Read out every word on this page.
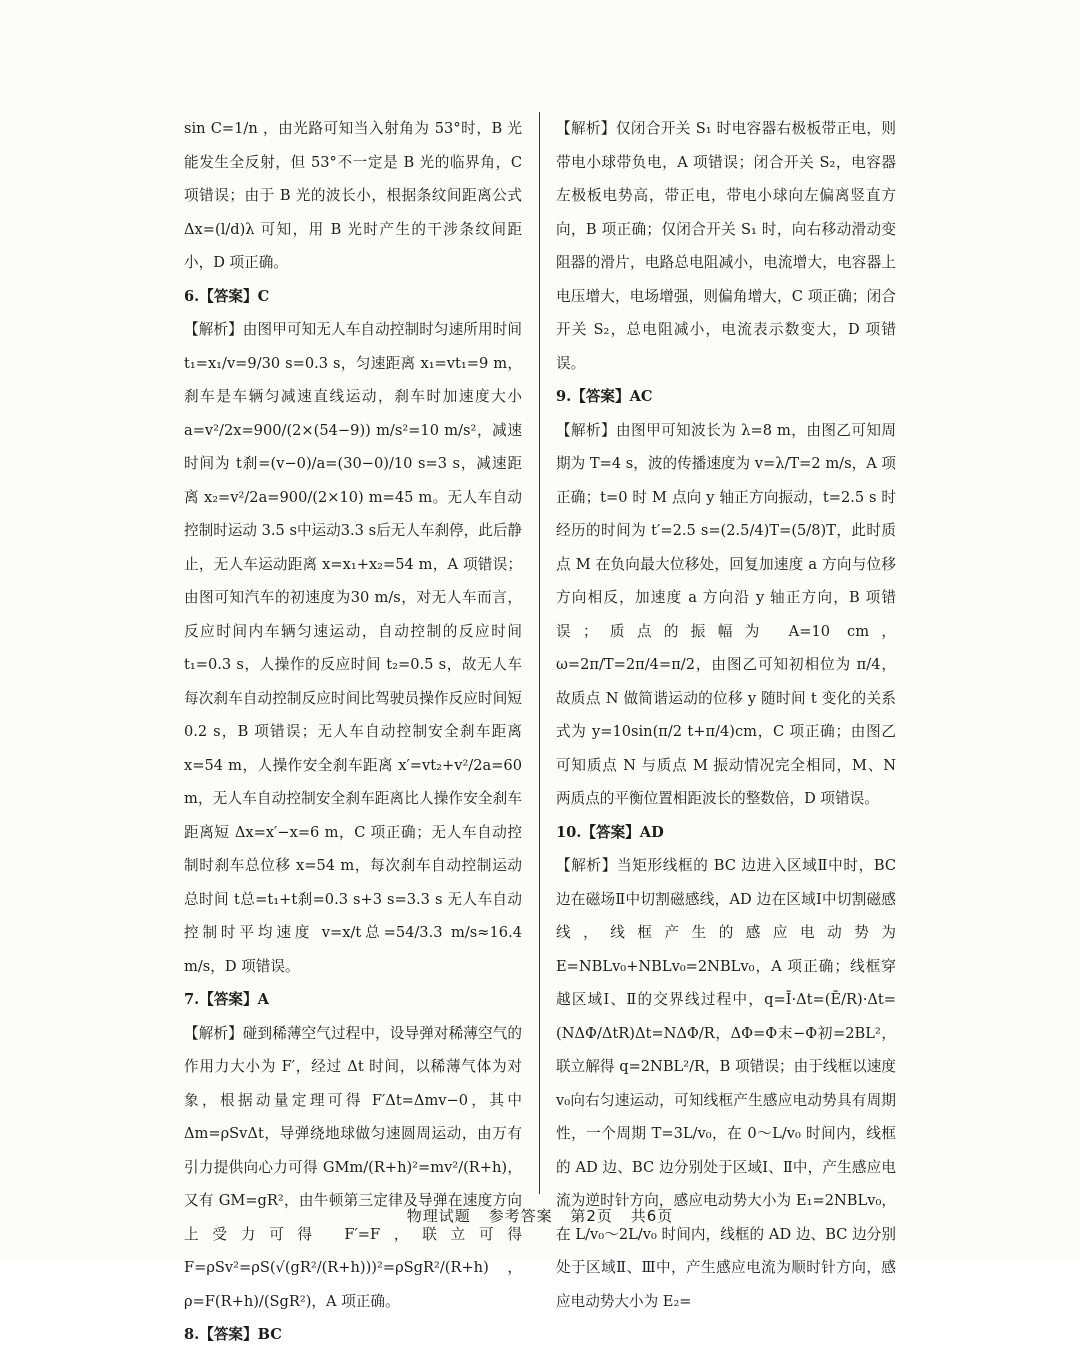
sin C=1/n ，由光路可知当入射角为 53°时，B 光能发生全反射，但 53°不一定是 B 光的临界角，C 项错误；由于 B 光的波长小，根据条纹间距离公式 Δx=(l/d)λ 可知，用 B 光时产生的干涉条纹间距小，D 项正确。

6.【答案】C

【解析】由图甲可知无人车自动控制时匀速所用时间 t₁=x₁/v=9/30 s=0.3 s，匀速距离 x₁=vt₁=9 m，刹车是车辆匀减速直线运动，刹车时加速度大小 a=v²/2x=900/(2×(54−9)) m/s²=10 m/s²，减速时间为 t刹=(v−0)/a=(30−0)/10 s=3 s，减速距离 x₂=v²/2a=900/(2×10) m=45 m。无人车自动控制时运动 3.5 s中运动3.3 s后无人车刹停，此后静止，无人车运动距离 x=x₁+x₂=54 m，A 项错误；由图可知汽车的初速度为30 m/s，对无人车而言，反应时间内车辆匀速运动，自动控制的反应时间 t₁=0.3 s，人操作的反应时间 t₂=0.5 s，故无人车每次刹车自动控制反应时间比驾驶员操作反应时间短 0.2 s，B 项错误；无人车自动控制安全刹车距离 x=54 m，人操作安全刹车距离 x′=vt₂+v²/2a=60 m，无人车自动控制安全刹车距离比人操作安全刹车距离短 Δx=x′−x=6 m，C 项正确；无人车自动控制时刹车总位移 x=54 m，每次刹车自动控制运动总时间 t总=t₁+t刹=0.3 s+3 s=3.3 s 无人车自动控制时平均速度 v=x/t总=54/3.3 m/s≈16.4 m/s，D 项错误。

7.【答案】A

【解析】碰到稀薄空气过程中，设导弹对稀薄空气的作用力大小为 F′，经过 Δt 时间，以稀薄气体为对象，根据动量定理可得 F′Δt=Δmv−0，其中 Δm=ρSvΔt，导弹绕地球做匀速圆周运动，由万有引力提供向心力可得 GMm/(R+h)²=mv²/(R+h)，又有 GM=gR²，由牛顿第三定律及导弹在速度方向上受力可得 F′=F，联立可得 F=ρSv²=ρS(√(gR²/(R+h)))²=ρSgR²/(R+h)，ρ=F(R+h)/(SgR²)，A 项正确。

8.【答案】BC

【解析】仅闭合开关 S₁ 时电容器右极板带正电，则带电小球带负电，A 项错误；闭合开关 S₂，电容器左极板电势高，带正电，带电小球向左偏离竖直方向，B 项正确；仅闭合开关 S₁ 时，向右移动滑动变阻器的滑片，电路总电阻减小，电流增大，电容器上电压增大，电场增强，则偏角增大，C 项正确；闭合开关 S₂，总电阻减小，电流表示数变大，D 项错误。

9.【答案】AC

【解析】由图甲可知波长为 λ=8 m，由图乙可知周期为 T=4 s，波的传播速度为 v=λ/T=2 m/s，A 项正确；t=0 时 M 点向 y 轴正方向振动，t=2.5 s 时经历的时间为 t′=2.5 s=(2.5/4)T=(5/8)T，此时质点 M 在负向最大位移处，回复加速度 a 方向与位移方向相反，加速度 a 方向沿 y 轴正方向，B 项错误；质点的振幅为 A=10 cm，ω=2π/T=2π/4=π/2，由图乙可知初相位为 π/4，故质点 N 做简谐运动的位移 y 随时间 t 变化的关系式为 y=10sin(π/2 t+π/4)cm，C 项正确；由图乙可知质点 N 与质点 M 振动情况完全相同，M、N 两质点的平衡位置相距波长的整数倍，D 项错误。

10.【答案】AD

【解析】当矩形线框的 BC 边进入区域Ⅱ中时，BC 边在磁场Ⅱ中切割磁感线，AD 边在区域Ⅰ中切割磁感线，线框产生的感应电动势为 E=NBLv₀+NBLv₀=2NBLv₀，A 项正确；线框穿越区域Ⅰ、Ⅱ的交界线过程中，q=Ī·Δt=(Ē/R)·Δt=(NΔΦ/ΔtR)Δt=NΔΦ/R，ΔΦ=Φ末−Φ初=2BL²，联立解得 q=2NBL²/R，B 项错误；由于线框以速度 v₀向右匀速运动，可知线框产生感应电动势具有周期性，一个周期 T=3L/v₀，在 0～L/v₀ 时间内，线框的 AD 边、BC 边分别处于区域Ⅰ、Ⅱ中，产生感应电流为逆时针方向，感应电动势大小为 E₁=2NBLv₀，在 L/v₀～2L/v₀ 时间内，线框的 AD 边、BC 边分别处于区域Ⅱ、Ⅲ中，产生感应电流为顺时针方向，感应电动势大小为 E₂=

物理试题 参考答案 第2页 共6页
